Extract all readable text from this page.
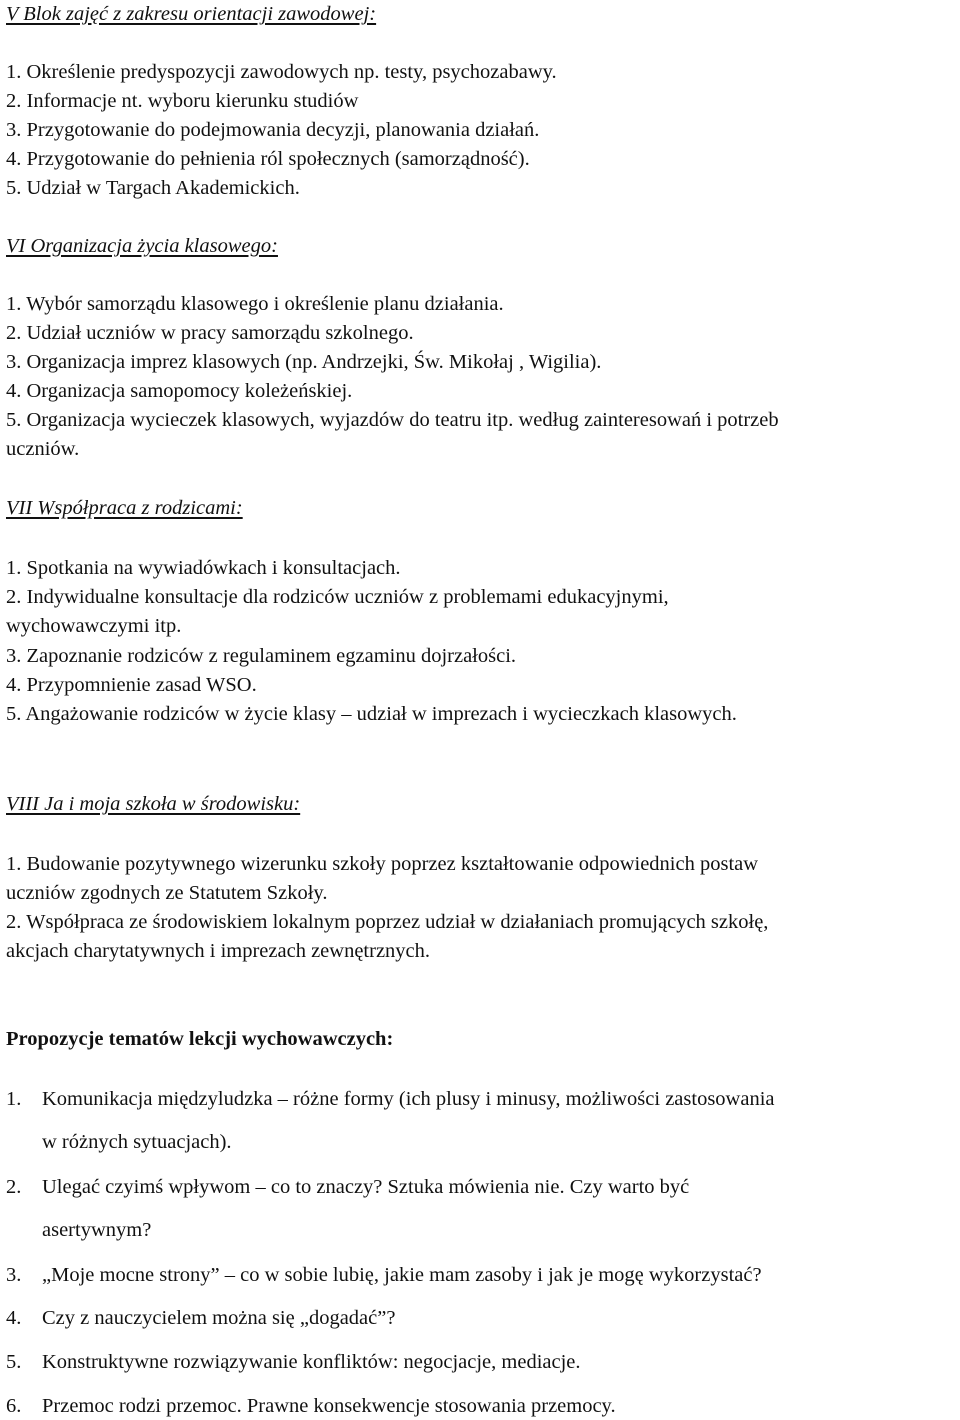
V Blok zajęć z zakresu orientacji zawodowej:
1. Określenie predyspozycji zawodowych np. testy, psychozabawy.
2. Informacje nt. wyboru kierunku studiów
3. Przygotowanie do podejmowania decyzji, planowania działań.
4. Przygotowanie do pełnienia ról społecznych (samorządność).
5. Udział w Targach Akademickich.
VI Organizacja życia klasowego:
1. Wybór samorządu klasowego i określenie planu działania.
2. Udział uczniów w pracy samorządu szkolnego.
3. Organizacja imprez klasowych (np. Andrzejki, Św. Mikołaj , Wigilia).
4. Organizacja samopomocy koleżeńskiej.
5. Organizacja wycieczek klasowych, wyjazdów do teatru itp. według zainteresowań i potrzeb
uczniów.
VII Współpraca z rodzicami:
1. Spotkania na wywiadówkach i konsultacjach.
2. Indywidualne konsultacje dla rodziców uczniów z problemami edukacyjnymi,
wychowawczymi itp.
3. Zapoznanie rodziców z regulaminem egzaminu dojrzałości.
4. Przypomnienie zasad WSO.
5. Angażowanie rodziców w życie klasy – udział w imprezach i wycieczkach klasowych.
VIII Ja i moja szkoła w środowisku:
1. Budowanie pozytywnego wizerunku szkoły poprzez kształtowanie odpowiednich postaw
uczniów zgodnych ze Statutem Szkoły.
2. Współpraca ze środowiskiem lokalnym poprzez udział w działaniach promujących szkołę,
akcjach charytatywnych i imprezach zewnętrznych.
Propozycje tematów lekcji wychowawczych:
1. Komunikacja międzyludzka – różne formy (ich plusy i minusy, możliwości zastosowania
w różnych sytuacjach).
2. Ulegać czyimś wpływom – co to znaczy? Sztuka mówienia nie. Czy warto być
asertywnym?
3. „Moje mocne strony” – co w sobie lubię, jakie mam zasoby i jak je mogę wykorzystać?
4. Czy z nauczycielem można się „dogadać”?
5. Konstruktywne rozwiązywanie konfliktów: negocjacje, mediacje.
6. Przemoc rodzi przemoc. Prawne konsekwencje stosowania przemocy.
